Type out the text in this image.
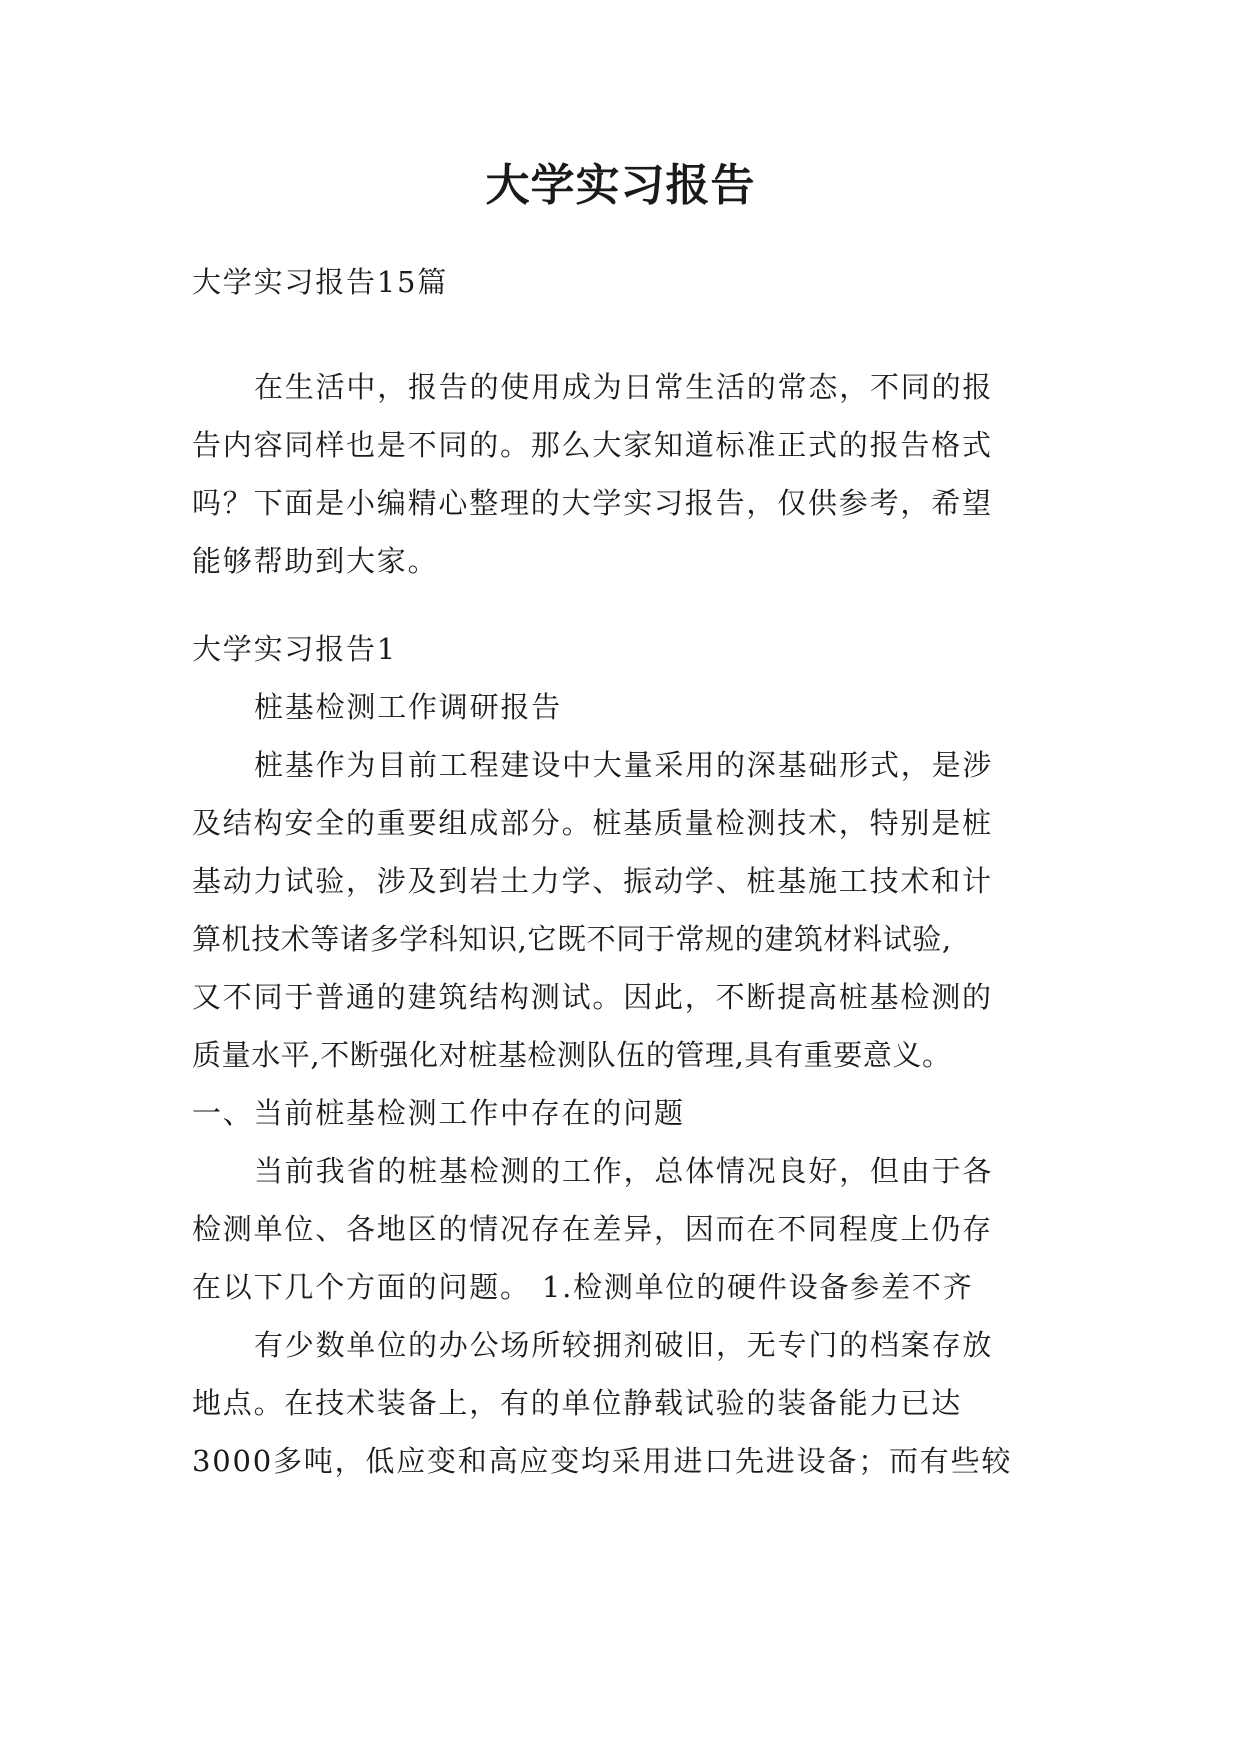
大学实习报告
大学实习报告15篇
在生活中，报告的使用成为日常生活的常态，不同的报
告内容同样也是不同的。那么大家知道标准正式的报告格式
吗？下面是小编精心整理的大学实习报告，仅供参考，希望
能够帮助到大家。
大学实习报告1
桩基检测工作调研报告
桩基作为目前工程建设中大量采用的深基础形式，是涉
及结构安全的重要组成部分。桩基质量检测技术，特别是桩
基动力试验，涉及到岩土力学、振动学、桩基施工技术和计
算机技术等诸多学科知识,它既不同于常规的建筑材料试验,
又不同于普通的建筑结构测试。因此，不断提高桩基检测的
质量水平,不断强化对桩基检测队伍的管理,具有重要意义。
一、当前桩基检测工作中存在的问题
当前我省的桩基检测的工作，总体情况良好，但由于各
检测单位、各地区的情况存在差异，因而在不同程度上仍存
在以下几个方面的问题。 1.检测单位的硬件设备参差不齐
有少数单位的办公场所较拥剂破旧，无专门的档案存放
地点。在技术装备上，有的单位静载试验的装备能力已达
3000多吨，低应变和高应变均采用进口先进设备；而有些较
